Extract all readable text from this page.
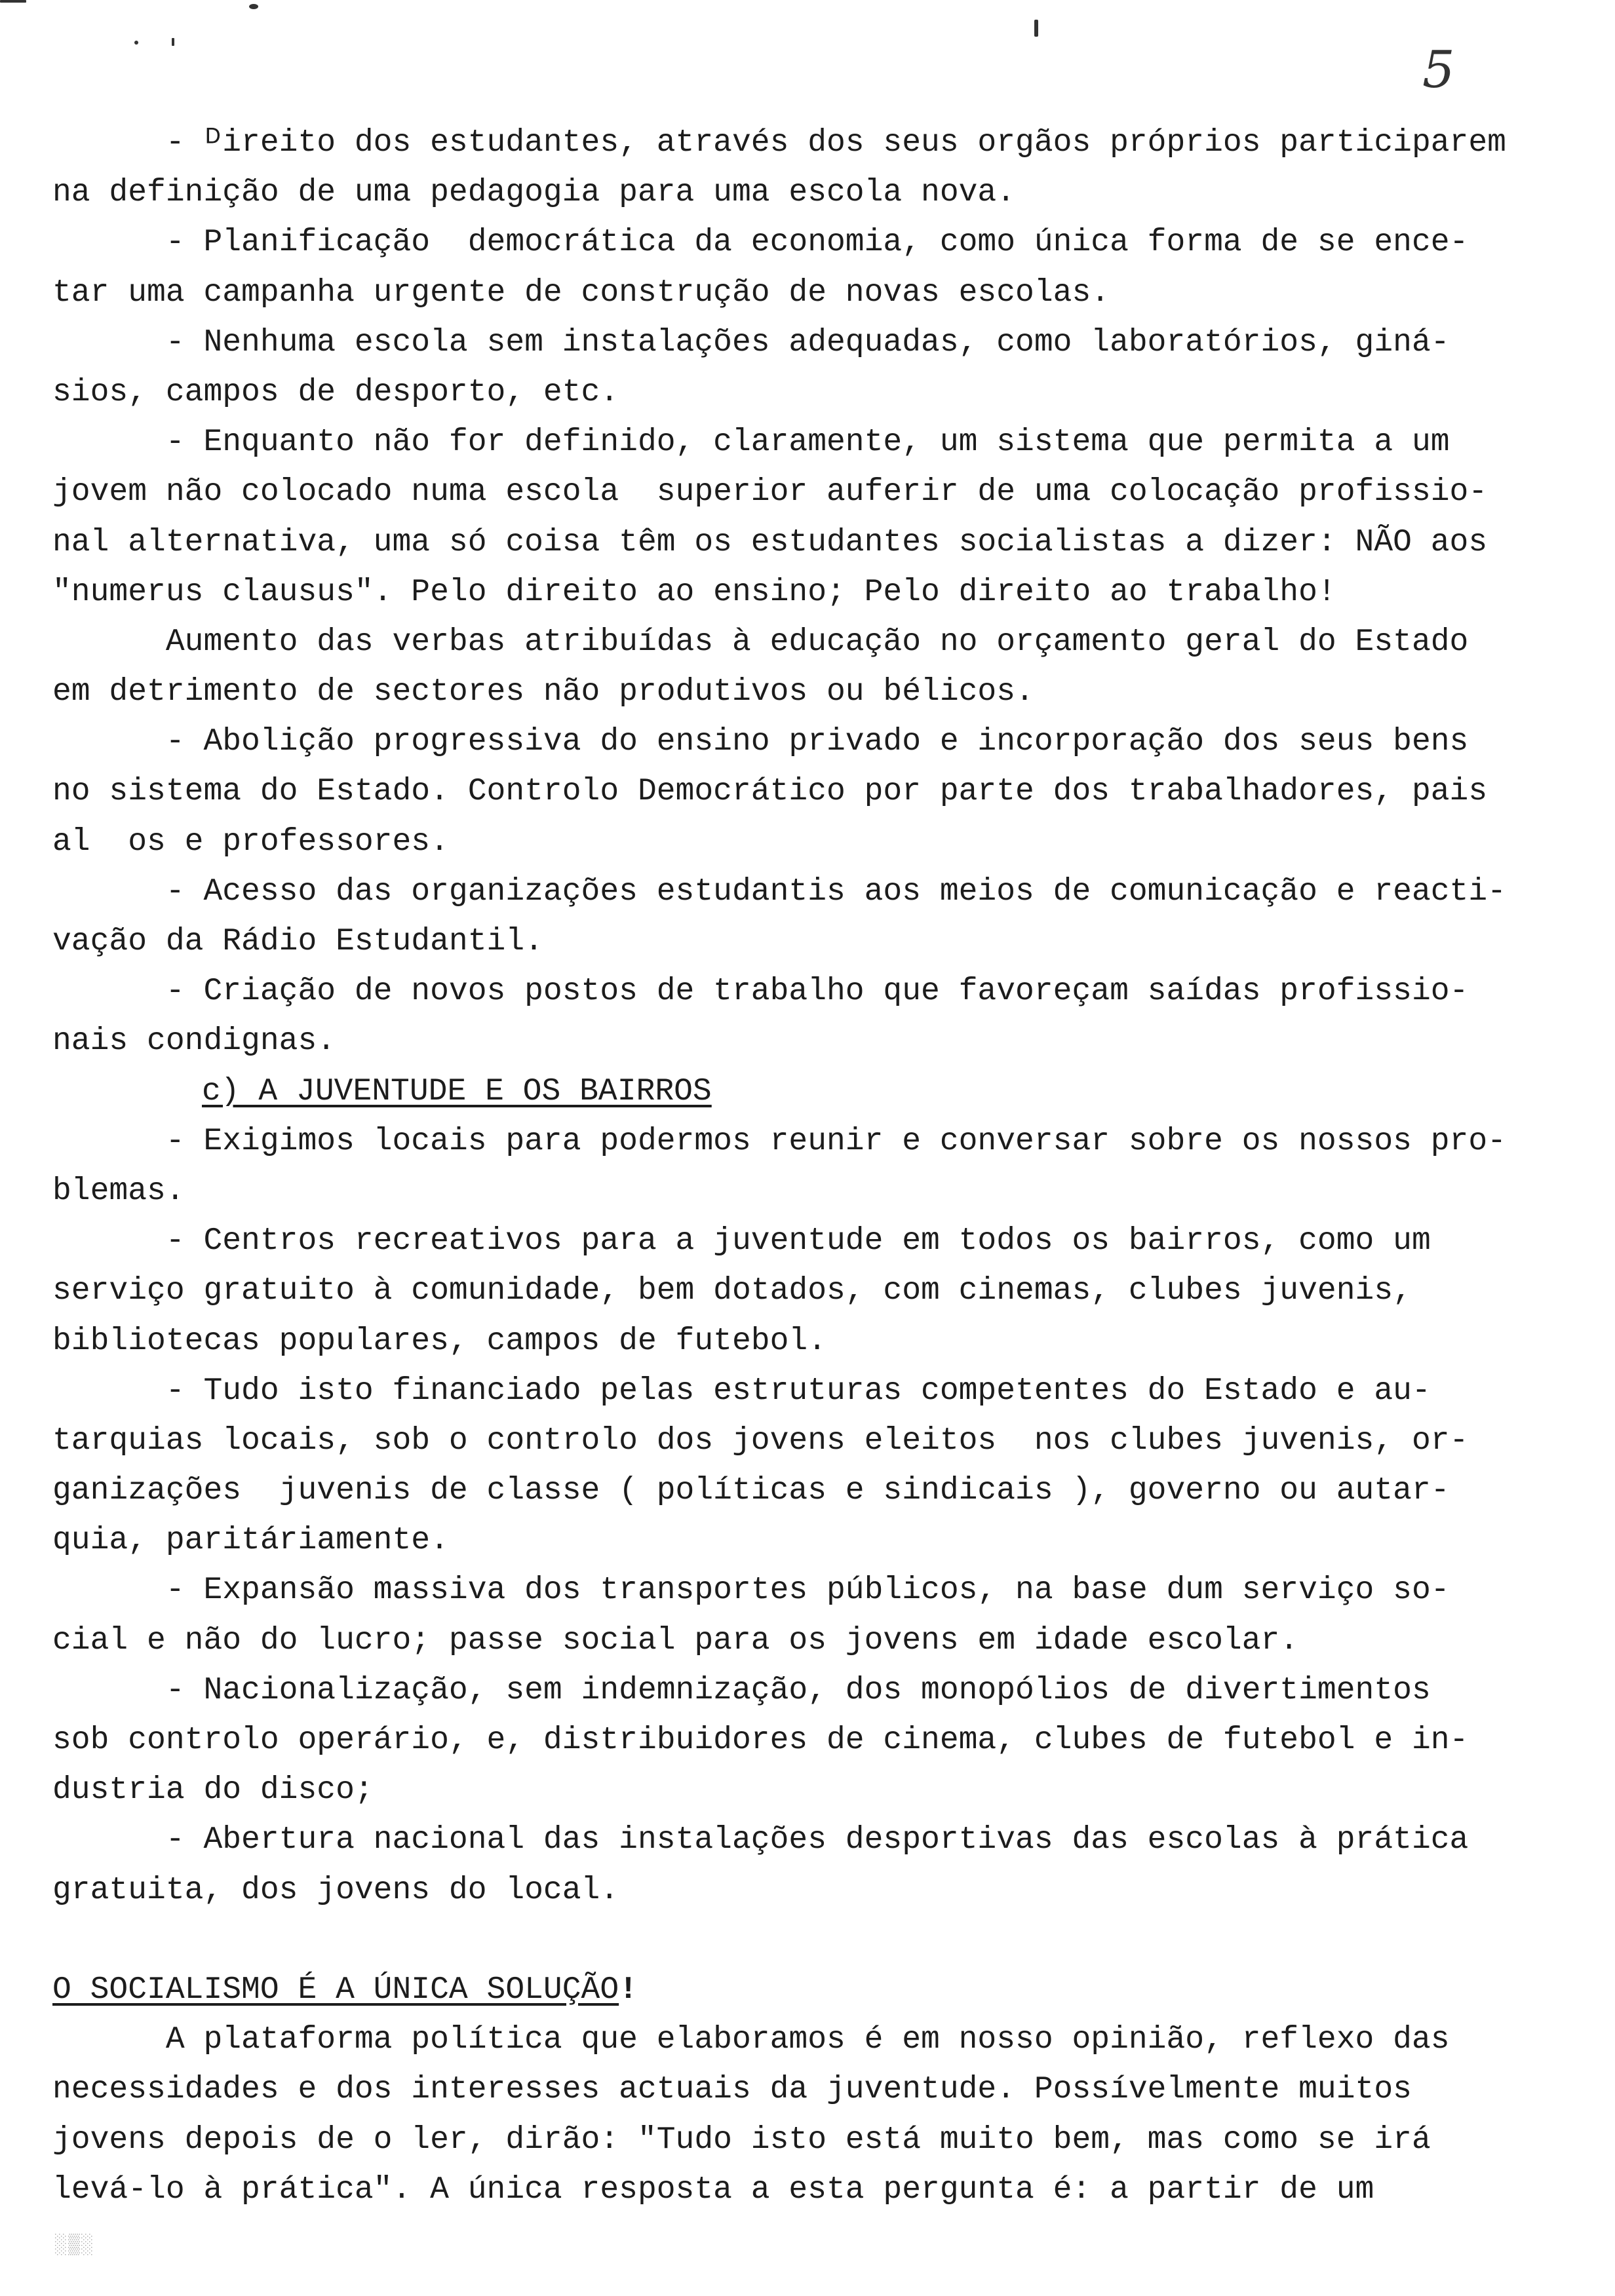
5
- ᴰireito dos estudantes, através dos seus orgãos próprios participarem
na definição de uma pedagogia para uma escola nova.
- Planificação  democrática da economia, como única forma de se ence-
tar uma campanha urgente de construção de novas escolas.
- Nenhuma escola sem instalações adequadas, como laboratórios, giná-
sios, campos de desporto, etc.
- Enquanto não for definido, claramente, um sistema que permita a um
jovem não colocado numa escola  superior auferir de uma colocação profissio-
nal alternativa, uma só coisa têm os estudantes socialistas a dizer: NÃO aos
"numerus clausus". Pelo direito ao ensino; Pelo direito ao trabalho!
Aumento das verbas atribuídas à educação no orçamento geral do Estado
em detrimento de sectores não produtivos ou bélicos.
- Abolição progressiva do ensino privado e incorporação dos seus bens
no sistema do Estado. Controlo Democrático por parte dos trabalhadores, pais
al  os e professores.
- Acesso das organizações estudantis aos meios de comunicação e reacti-
vação da Rádio Estudantil.
- Criação de novos postos de trabalho que favoreçam saídas profissio-
nais condignas.
c) A JUVENTUDE E OS BAIRROS
- Exigimos locais para podermos reunir e conversar sobre os nossos pro-
blemas.
- Centros recreativos para a juventude em todos os bairros, como um
serviço gratuito à comunidade, bem dotados, com cinemas, clubes juvenis,
bibliotecas populares, campos de futebol.
- Tudo isto financiado pelas estruturas competentes do Estado e au-
tarquias locais, sob o controlo dos jovens eleitos  nos clubes juvenis, or-
ganizações  juvenis de classe ( políticas e sindicais ), governo ou autar-
quia, paritáriamente.
- Expansão massiva dos transportes públicos, na base dum serviço so-
cial e não do lucro; passe social para os jovens em idade escolar.
- Nacionalização, sem indemnização, dos monopólios de divertimentos
sob controlo operário, e, distribuidores de cinema, clubes de futebol e in-
dustria do disco;
- Abertura nacional das instalações desportivas das escolas à prática
gratuita, dos jovens do local.
O SOCIALISMO É A ÚNICA SOLUÇÃO!
A plataforma política que elaboramos é em nosso opinião, reflexo das
necessidades e dos interesses actuais da juventude. Possívelmente muitos
jovens depois de o ler, dirão: "Tudo isto está muito bem, mas como se irá
levá-lo à prática". A única resposta a esta pergunta é: a partir de um
░▒░
